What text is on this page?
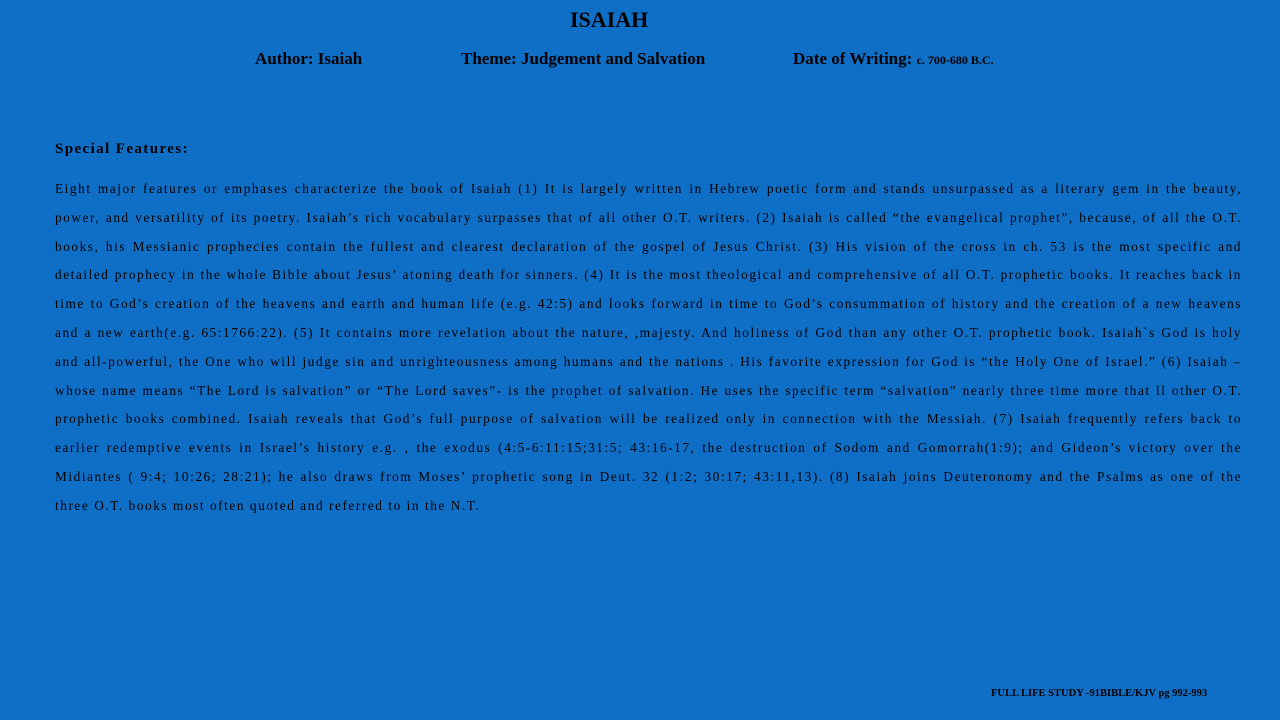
ISAIAH
Author: Isaiah	Theme: Judgement and Salvation	Date of Writing: c. 700-680 B.C.
Special Features:

Eight major features or emphases characterize the book of Isaiah (1) It is largely written in Hebrew poetic form and stands unsurpassed as a literary gem in the beauty, power, and versatility of its poetry. Isaiah’s rich vocabulary surpasses that of all other O.T. writers. (2) Isaiah is called “the evangelical prophet”, because, of all the O.T. books, his Messianic prophecies contain the fullest and clearest declaration of the gospel of Jesus Christ. (3) His vision of the cross in ch. 53 is the most specific and detailed prophecy in the whole Bible about Jesus’ atoning death for sinners. (4) It is the most theological and comprehensive of all O.T. prophetic books. It reaches back in time to God’s creation of the heavens and earth and human life (e.g. 42:5) and looks forward in time to God’s consummation of history and the creation of a new heavens and a new earth(e.g. 65:1766:22). (5) It contains more revelation about the nature, ,majesty. And holiness of God than any other O.T. prophetic book. Isaiah`s God is holy and all-powerful, the One who will judge sin and unrighteousness among humans and the nations . His favorite expression for God is “the Holy One of Israel.” (6) Isaiah – whose name means “The Lord is salvation” or “The Lord saves”- is the prophet of salvation. He uses the specific term “salvation” nearly three time more that ll other O.T. prophetic books combined. Isaiah reveals that God’s full purpose of salvation will be realized only in connection with the Messiah. (7) Isaiah frequently refers back to earlier redemptive events in Israel’s history e.g. , the exodus (4:5-6:11:15;31:5; 43:16-17, the destruction of Sodom and Gomorrah(1:9); and Gideon’s victory over the Midiantes ( 9:4; 10:26; 28:21); he also draws from Moses’ prophetic song in Deut. 32 (1:2; 30:17; 43:11,13). (8) Isaiah joins Deuteronomy and the Psalms as one of the three O.T. books most often quoted and referred to in the N.T.

FULL LIFE STUDY -91BIBLE/KJV pg 992-993
